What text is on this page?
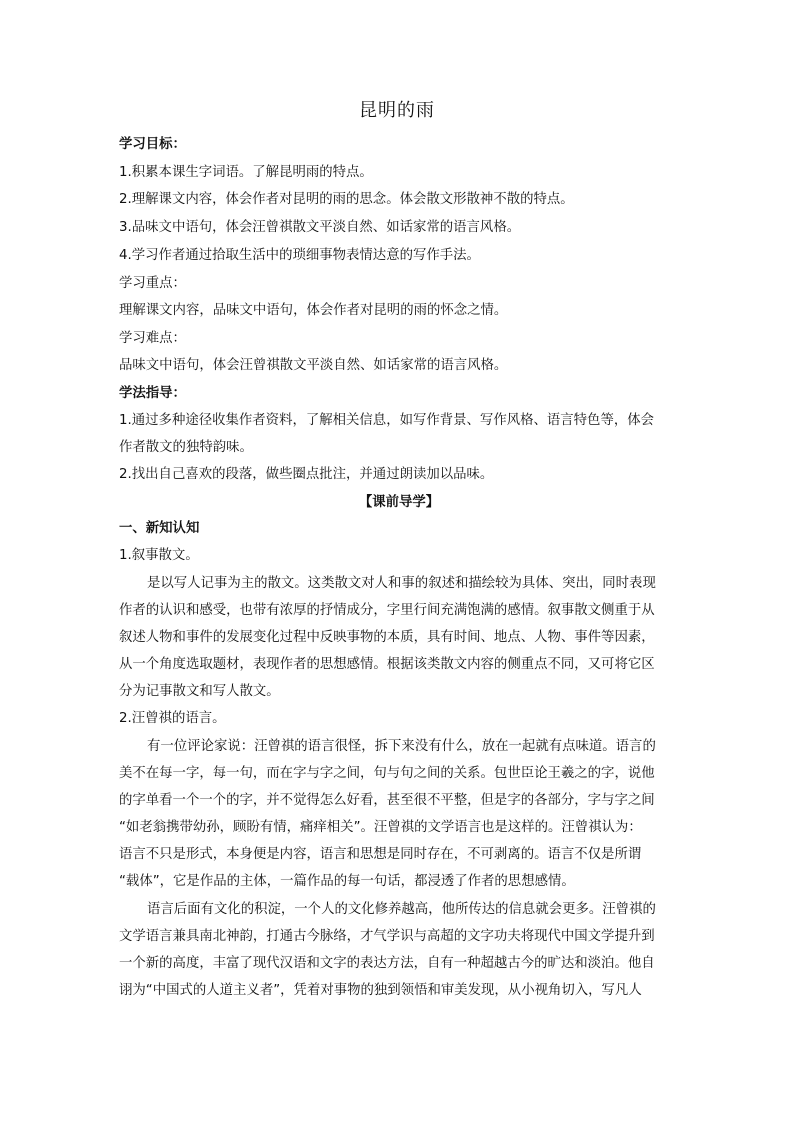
昆明的雨
学习目标：
1.积累本课生字词语。了解昆明雨的特点。
2.理解课文内容，体会作者对昆明的雨的思念。体会散文形散神不散的特点。
3.品味文中语句，体会汪曾祺散文平淡自然、如话家常的语言风格。
4.学习作者通过拾取生活中的琐细事物表情达意的写作手法。
学习重点：
理解课文内容，品味文中语句，体会作者对昆明的雨的怀念之情。
学习难点：
品味文中语句，体会汪曾祺散文平淡自然、如话家常的语言风格。
学法指导：
1.通过多种途径收集作者资料，了解相关信息，如写作背景、写作风格、语言特色等，体会
作者散文的独特韵味。
2.找出自己喜欢的段落，做些圈点批注，并通过朗读加以品味。
【课前导学】
一、新知认知
1.叙事散文。
是以写人记事为主的散文。这类散文对人和事的叙述和描绘较为具体、突出，同时表现
作者的认识和感受，也带有浓厚的抒情成分，字里行间充满饱满的感情。叙事散文侧重于从
叙述人物和事件的发展变化过程中反映事物的本质，具有时间、地点、人物、事件等因素，
从一个角度选取题材，表现作者的思想感情。根据该类散文内容的侧重点不同，又可将它区
分为记事散文和写人散文。
2.汪曾祺的语言。
有一位评论家说：汪曾祺的语言很怪，拆下来没有什么，放在一起就有点味道。语言的
美不在每一字，每一句，而在字与字之间，句与句之间的关系。包世臣论王羲之的字，说他
的字单看一个一个的字，并不觉得怎么好看，甚至很不平整，但是字的各部分，字与字之间
“如老翁携带幼孙，顾盼有情，痛痒相关”。汪曾祺的文学语言也是这样的。汪曾祺认为：
语言不只是形式，本身便是内容，语言和思想是同时存在，不可剥离的。语言不仅是所谓
“载体”，它是作品的主体，一篇作品的每一句话，都浸透了作者的思想感情。
语言后面有文化的积淀，一个人的文化修养越高，他所传达的信息就会更多。汪曾祺的
文学语言兼具南北神韵，打通古今脉络，才气学识与高超的文字功夫将现代中国文学提升到
一个新的高度，丰富了现代汉语和文字的表达方法，自有一种超越古今的旷达和淡泊。他自
诩为“中国式的人道主义者”，凭着对事物的独到领悟和审美发现，从小视角切入，写凡人
